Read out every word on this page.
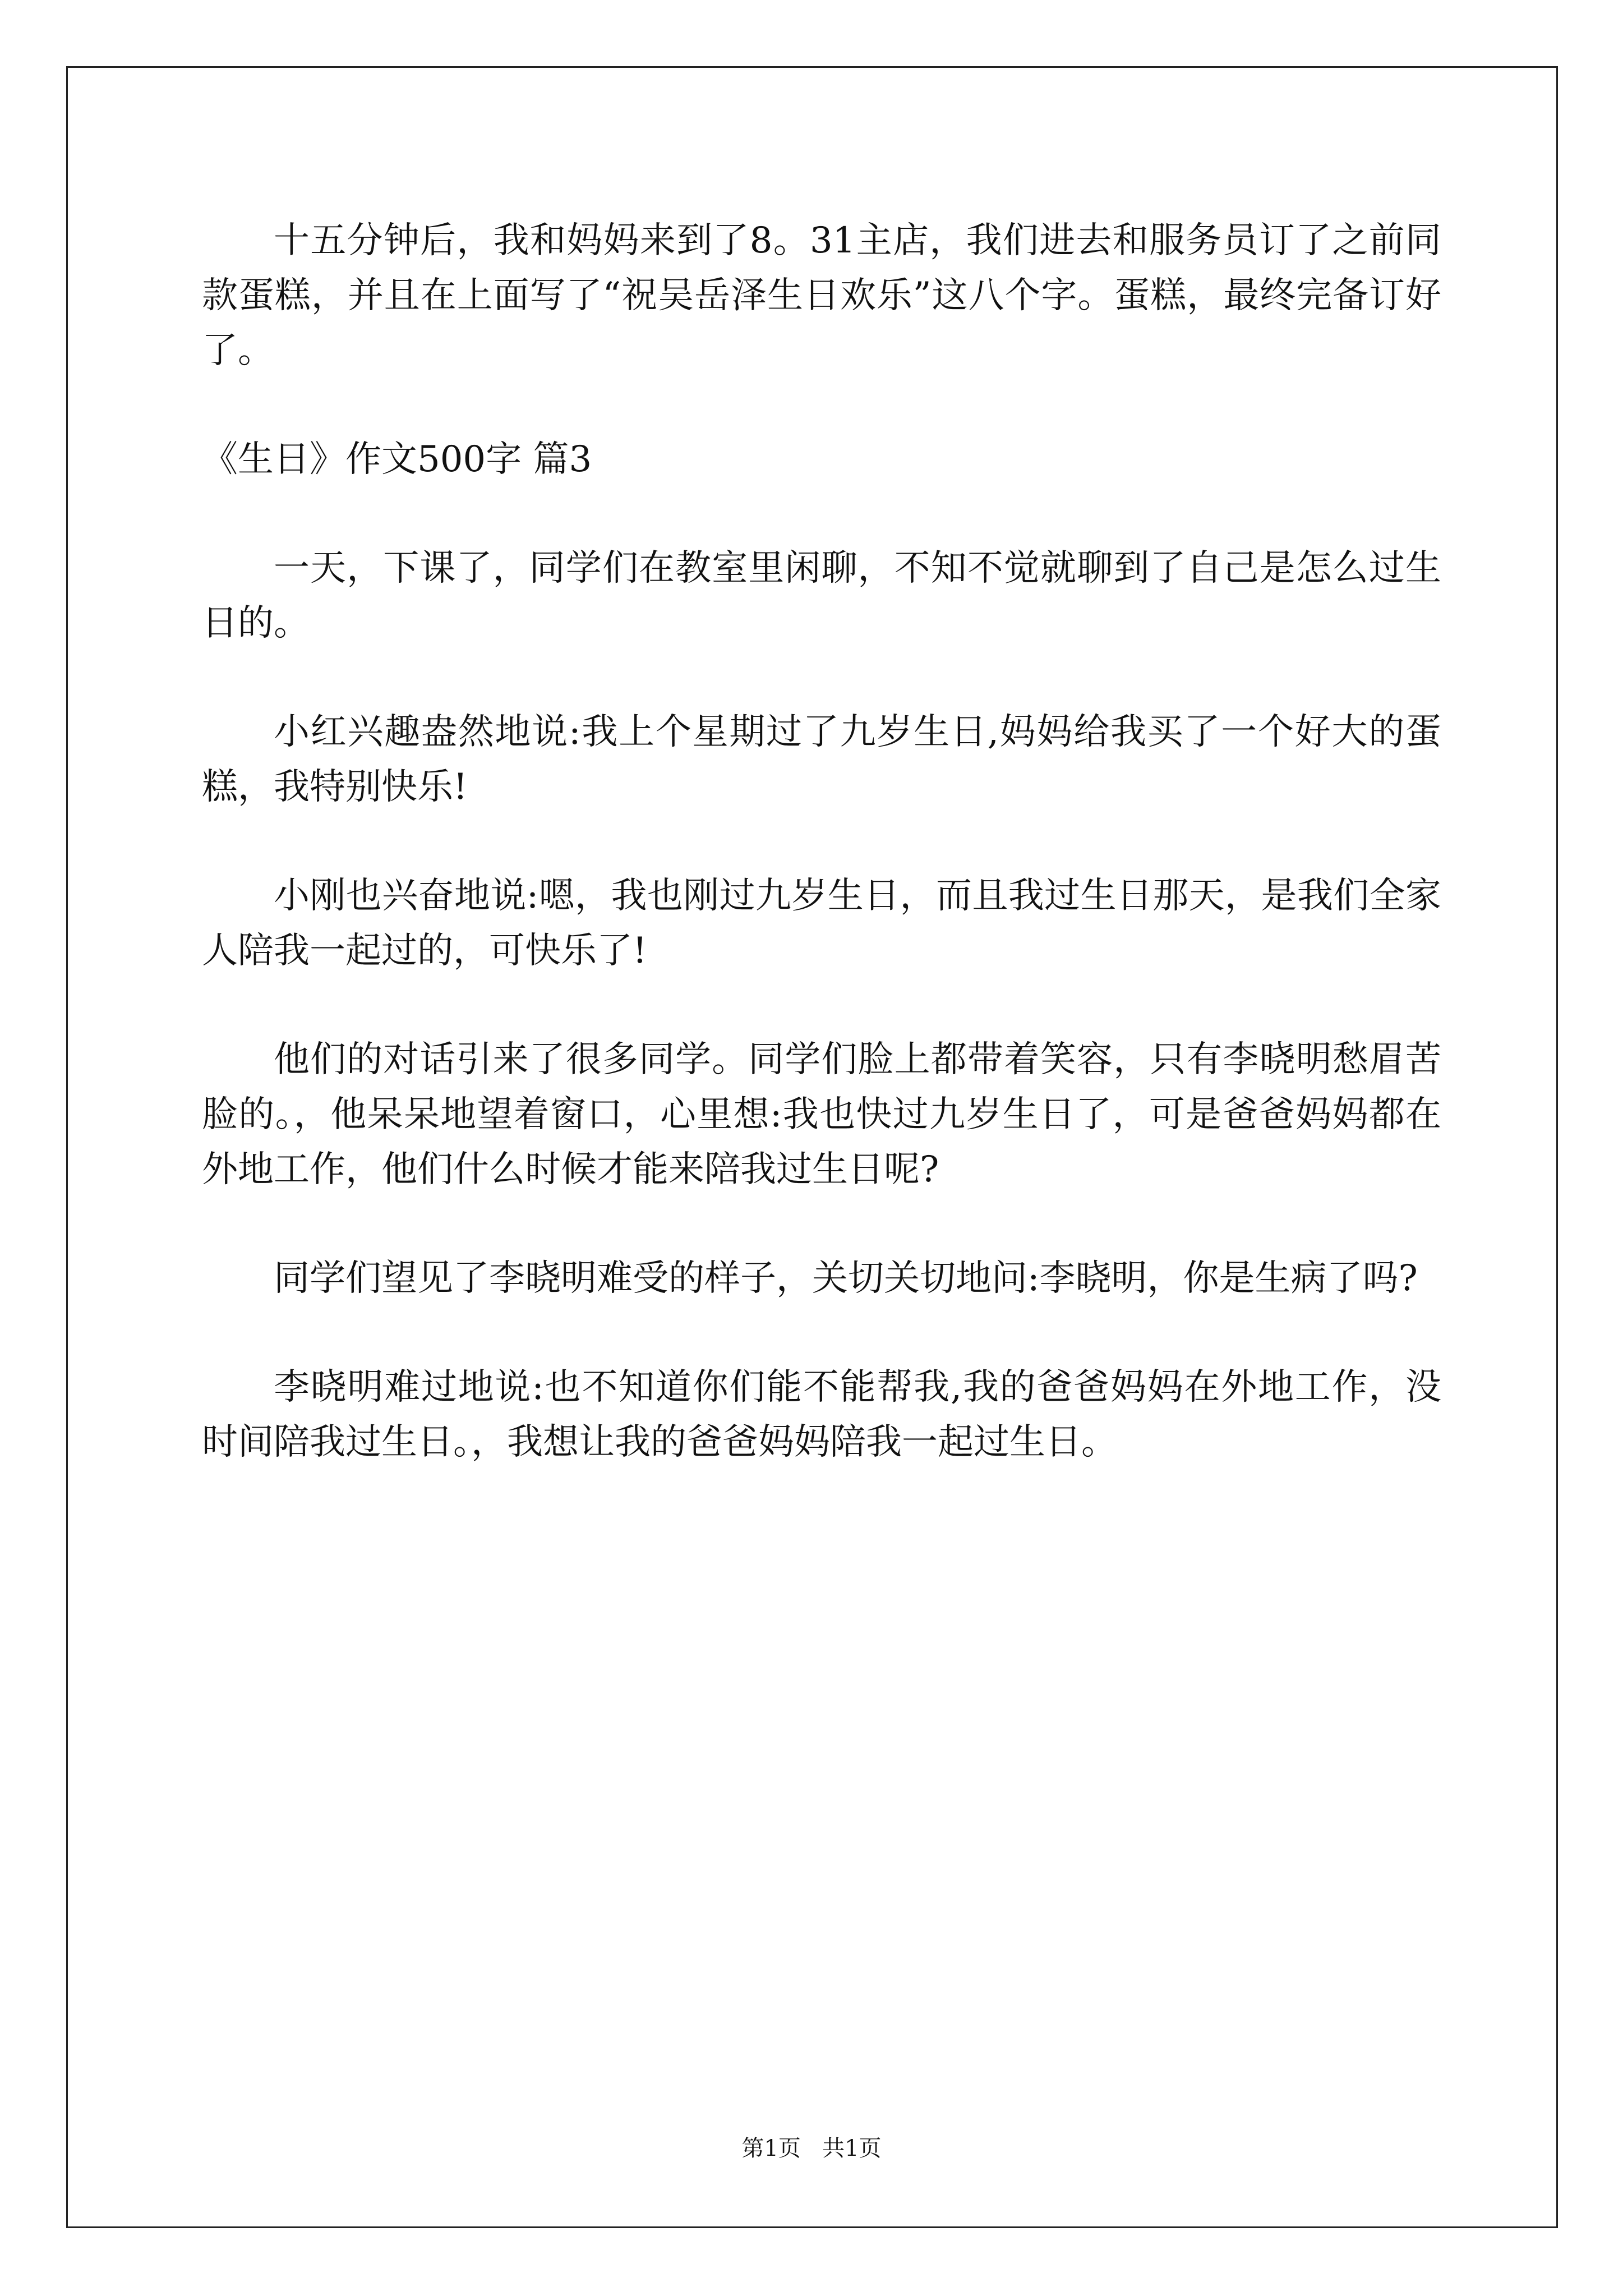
十五分钟后，我和妈妈来到了8。31主店，我们进去和服务员订了之前同款蛋糕，并且在上面写了“祝吴岳泽生日欢乐”这八个字。蛋糕，最终完备订好了。

《生日》作文500字 篇3

一天，下课了，同学们在教室里闲聊，不知不觉就聊到了自己是怎么过生日的。

小红兴趣盎然地说:我上个星期过了九岁生日,妈妈给我买了一个好大的蛋糕，我特别快乐!

小刚也兴奋地说:嗯，我也刚过九岁生日，而且我过生日那天，是我们全家人陪我一起过的，可快乐了!

他们的对话引来了很多同学。同学们脸上都带着笑容，只有李晓明愁眉苦脸的。，他呆呆地望着窗口，心里想:我也快过九岁生日了，可是爸爸妈妈都在外地工作，他们什么时候才能来陪我过生日呢?

同学们望见了李晓明难受的样子，关切关切地问:李晓明，你是生病了吗?

李晓明难过地说:也不知道你们能不能帮我,我的爸爸妈妈在外地工作，没时间陪我过生日。，我想让我的爸爸妈妈陪我一起过生日。

第1页 共1页
